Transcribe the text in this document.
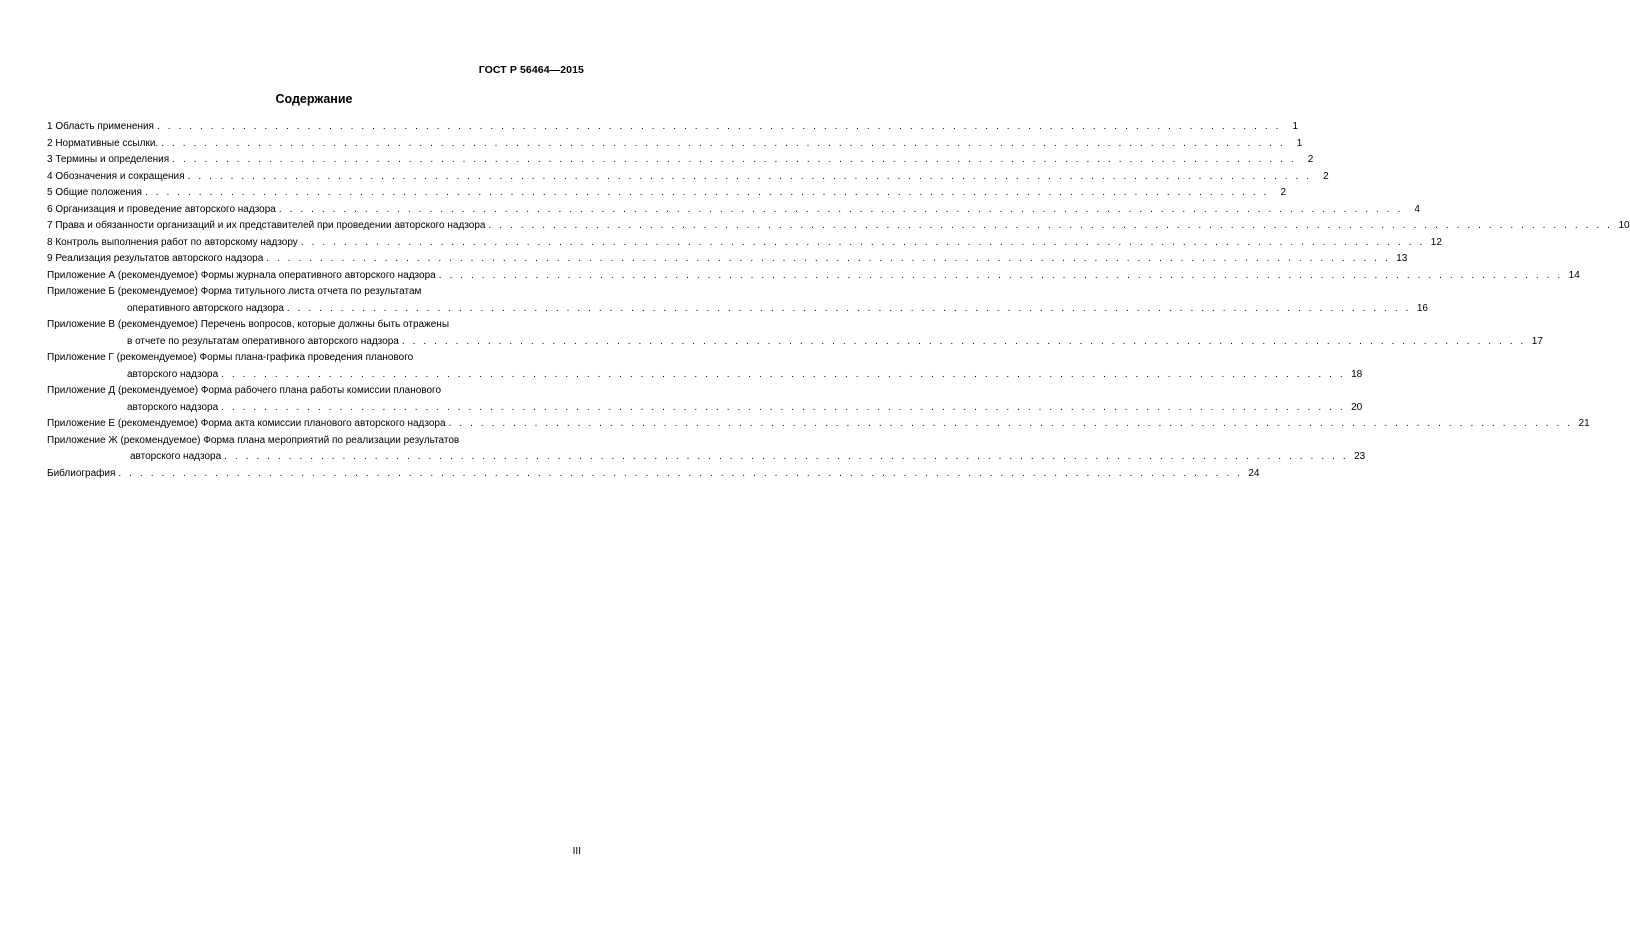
ГОСТ Р 56464—2015
Содержание
1 Область применения . . . . . . . . . . . . . . . . . . . . . . . . . . . . . . . . . . . . . . . . . . . . . . . . . . . . . . . . . . . . . . . . . . . . . . . . . . . . . . . . . . . . . . . . . . . . . . . . . . . . . . . . .	1
2 Нормативные ссылки. . . . . . . . . . . . . . . . . . . . . . . . . . . . . . . . . . . . . . . . . . . . . . . . . . . . . . . . . . . . . . . . . . . . . . . . . . . . . . . . . . . . . . . . . . . . . . . . . . . . . . . . . .	1
3 Термины и определения . . . . . . . . . . . . . . . . . . . . . . . . . . . . . . . . . . . . . . . . . . . . . . . . . . . . . . . . . . . . . . . . . . . . . . . . . . . . . . . . . . . . . . . . . . . . . . . . . . . . . . . . .	2
4 Обозначения и сокращения . . . . . . . . . . . . . . . . . . . . . . . . . . . . . . . . . . . . . . . . . . . . . . . . . . . . . . . . . . . . . . . . . . . . . . . . . . . . . . . . . . . . . . . . . . . . . . . . . . . . . . . . .	2
5 Общие положения . . . . . . . . . . . . . . . . . . . . . . . . . . . . . . . . . . . . . . . . . . . . . . . . . . . . . . . . . . . . . . . . . . . . . . . . . . . . . . . . . . . . . . . . . . . . . . . . . . . . . . . . .	2
6 Организация и проведение авторского надзора . . . . . . . . . . . . . . . . . . . . . . . . . . . . . . . . . . . . . . . . . . . . . . . . . . . . . . . . . . . . . . . . . . . . . . . . . . . . . . . . . . . . . . . . . . . . . . . . . . . . . . . . .	4
7 Права и обязанности организаций и их представителей при проведении авторского надзора . . . . . . . . . . . . . . . . . . . . . . . . . . . . . . . . . . . . . . . . . . . . . . . . . . . . . . . . . . . . . . . . . . . . . . . . . . . . . . . . . . . . . . . . . . . . . . . . . . . . . . . . . 10
8 Контроль выполнения работ по авторскому надзору . . . . . . . . . . . . . . . . . . . . . . . . . . . . . . . . . . . . . . . . . . . . . . . . . . . . . . . . . . . . . . . . . . . . . . . . . . . . . . . . . . . . . . . . . . . . . . . . . . . . . . . . . 12
9 Реализация результатов авторского надзора . . . . . . . . . . . . . . . . . . . . . . . . . . . . . . . . . . . . . . . . . . . . . . . . . . . . . . . . . . . . . . . . . . . . . . . . . . . . . . . . . . . . . . . . . . . . . . . . . . . . . . . . . 13
Приложение А (рекомендуемое) Формы журнала оперативного авторского надзора . . . . . . . . . . . . . . . . . . . . . . . . . . . . . . . . . . . . . . . . . . . . . . . . . . . . . . . . . . . . . . . . . . . . . . . . . . . . . . . . . . . . . . . . . . . . . . . . . . . . . . . . . 14
Приложение Б (рекомендуемое) Форма титульного листа отчета по результатам
оперативного авторского надзора . . . . . . . . . . . . . . . . . . . . . . . . . . . . . . . . . . . . . . . . . . . . . . . . . . . . . . . . . . . . . . . . . . . . . . . . . . . . . . . . . . . . . . . . . . . . . . . . . . . . . . . . . 16
Приложение В (рекомендуемое) Перечень вопросов, которые должны быть отражены
в отчете по результатам оперативного авторского надзора . . . . . . . . . . . . . . . . . . . . . . . . . . . . . . . . . . . . . . . . . . . . . . . . . . . . . . . . . . . . . . . . . . . . . . . . . . . . . . . . . . . . . . . . . . . . . . . . . . . . . . . . . 17
Приложение Г (рекомендуемое) Формы плана-графика проведения планового
авторского надзора . . . . . . . . . . . . . . . . . . . . . . . . . . . . . . . . . . . . . . . . . . . . . . . . . . . . . . . . . . . . . . . . . . . . . . . . . . . . . . . . . . . . . . . . . . . . . . . . . . . . . . . . . 18
Приложение Д (рекомендуемое) Форма рабочего плана работы комиссии планового
авторского надзора . . . . . . . . . . . . . . . . . . . . . . . . . . . . . . . . . . . . . . . . . . . . . . . . . . . . . . . . . . . . . . . . . . . . . . . . . . . . . . . . . . . . . . . . . . . . . . . . . . . . . . . . . 20
Приложение Е (рекомендуемое) Форма акта комиссии планового авторского надзора . . . . . . . . . . . . . . . . . . . . . . . . . . . . . . . . . . . . . . . . . . . . . . . . . . . . . . . . . . . . . . . . . . . . . . . . . . . . . . . . . . . . . . . . . . . . . . . . . . . . . . . . . 21
Приложение Ж (рекомендуемое) Форма плана мероприятий по реализации результатов
авторского надзора . . . . . . . . . . . . . . . . . . . . . . . . . . . . . . . . . . . . . . . . . . . . . . . . . . . . . . . . . . . . . . . . . . . . . . . . . . . . . . . . . . . . . . . . . . . . . . . . . . . . . . . . . 23
Библиография . . . . . . . . . . . . . . . . . . . . . . . . . . . . . . . . . . . . . . . . . . . . . . . . . . . . . . . . . . . . . . . . . . . . . . . . . . . . . . . . . . . . . . . . . . . . . . . . . . . . . . . . . 24
III
